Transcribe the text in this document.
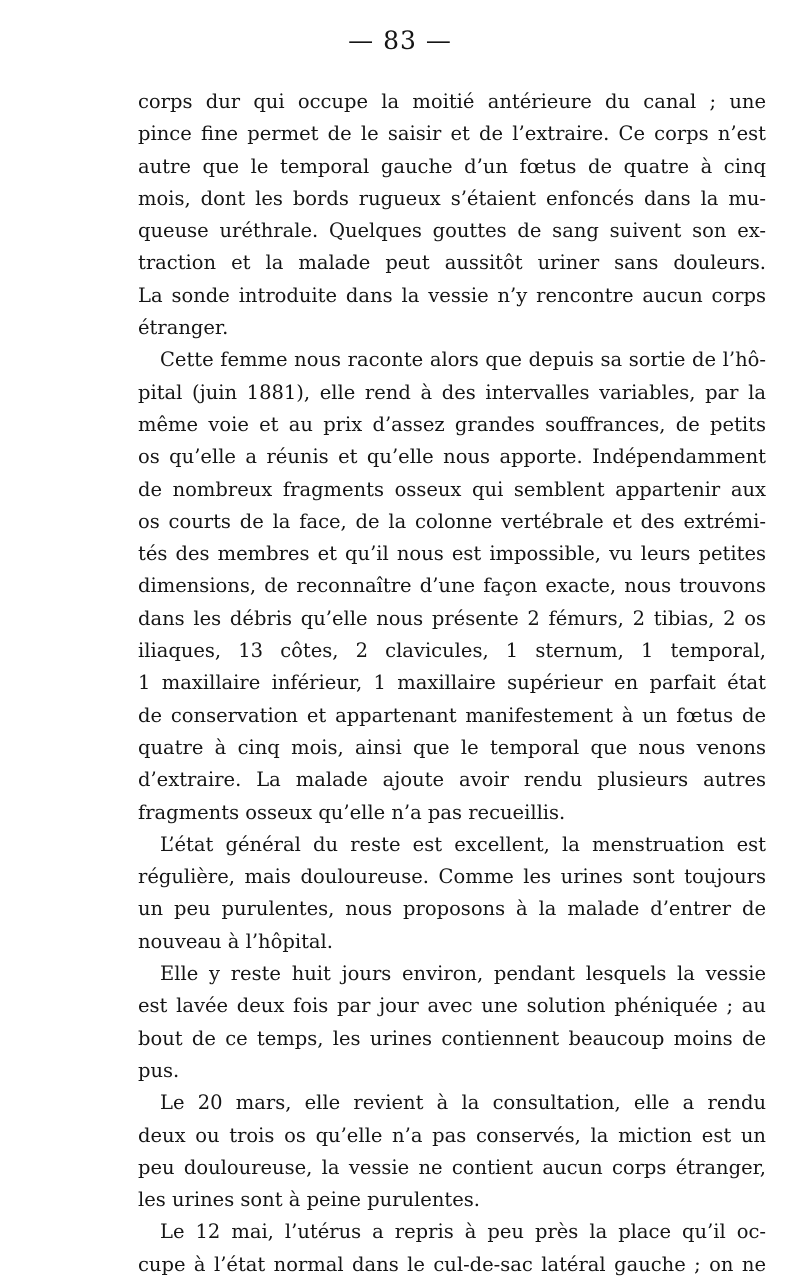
— 83 —
corps dur qui occupe la moitié antérieure du canal ; une
pince fine permet de le saisir et de l’extraire. Ce corps n’est
autre que le temporal gauche d’un fœtus de quatre à cinq
mois, dont les bords rugueux s’étaient enfoncés dans la mu-
queuse uréthrale. Quelques gouttes de sang suivent son ex-
traction et la malade peut aussitôt uriner sans douleurs.
La sonde introduite dans la vessie n’y rencontre aucun corps
étranger.
Cette femme nous raconte alors que depuis sa sortie de l’hô-
pital (juin 1881), elle rend à des intervalles variables, par la
même voie et au prix d’assez grandes souffrances, de petits
os qu’elle a réunis et qu’elle nous apporte. Indépendamment
de nombreux fragments osseux qui semblent appartenir aux
os courts de la face, de la colonne vertébrale et des extrémi-
tés des membres et qu’il nous est impossible, vu leurs petites
dimensions, de reconnaître d’une façon exacte, nous trouvons
dans les débris qu’elle nous présente 2 fémurs, 2 tibias, 2 os
iliaques, 13 côtes, 2 clavicules, 1 sternum, 1 temporal,
1 maxillaire inférieur, 1 maxillaire supérieur en parfait état
de conservation et appartenant manifestement à un fœtus de
quatre à cinq mois, ainsi que le temporal que nous venons
d’extraire. La malade ajoute avoir rendu plusieurs autres
fragments osseux qu’elle n’a pas recueillis.
L’état général du reste est excellent, la menstruation est
régulière, mais douloureuse. Comme les urines sont toujours
un peu purulentes, nous proposons à la malade d’entrer de
nouveau à l’hôpital.
Elle y reste huit jours environ, pendant lesquels la vessie
est lavée deux fois par jour avec une solution phéniquée ; au
bout de ce temps, les urines contiennent beaucoup moins de
pus.
Le 20 mars, elle revient à la consultation, elle a rendu
deux ou trois os qu’elle n’a pas conservés, la miction est un
peu douloureuse, la vessie ne contient aucun corps étranger,
les urines sont à peine purulentes.
Le 12 mai, l’utérus a repris à peu près la place qu’il oc-
cupe à l’état normal dans le cul-de-sac latéral gauche ; on ne
